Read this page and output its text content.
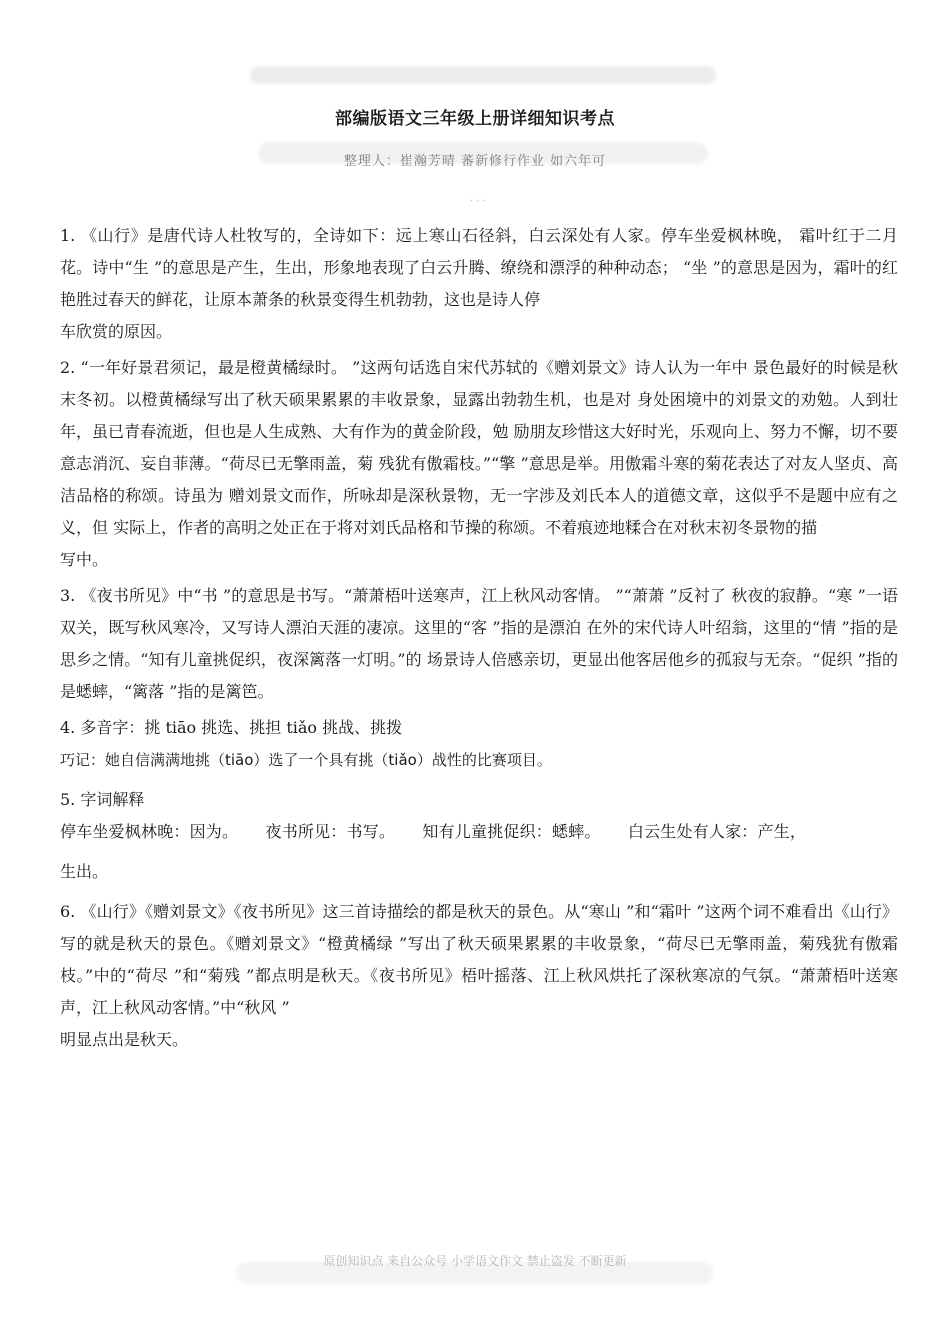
部编版语文三年级上册详细知识考点
整理人：崔瀚芳晴 蕃新修行作业 如六年可
· · ·

1. 《山行》是唐代诗人杜牧写的，全诗如下：远上寒山石径斜，白云深处有人家。停车坐爱枫林晚， 霜叶红于二月花。诗中“生 ”的意思是产生，生出，形象地表现了白云升腾、缭绕和漂浮的种种动态； “坐 ”的意思是因为，霜叶的红艳胜过春天的鲜花，让原本萧条的秋景变得生机勃勃，这也是诗人停

车欣赏的原因。

2. “一年好景君须记，最是橙黄橘绿时。 ”这两句话选自宋代苏轼的《赠刘景文》诗人认为一年中 景色最好的时候是秋末冬初。以橙黄橘绿写出了秋天硕果累累的丰收景象，显露出勃勃生机，也是对 身处困境中的刘景文的劝勉。人到壮年，虽已青春流逝，但也是人生成熟、大有作为的黄金阶段，勉 励朋友珍惜这大好时光，乐观向上、努力不懈，切不要意志消沉、妄自菲薄。“荷尽已无擎雨盖，菊 残犹有傲霜枝。”“擎 ”意思是举。用傲霜斗寒的菊花表达了对友人坚贞、高洁品格的称颂。诗虽为 赠刘景文而作，所咏却是深秋景物，无一字涉及刘氏本人的道德文章，这似乎不是题中应有之义，但 实际上，作者的高明之处正在于将对刘氏品格和节操的称颂。不着痕迹地糅合在对秋末初冬景物的描

写中。

3. 《夜书所见》中“书 ”的意思是书写。“萧萧梧叶送寒声，江上秋风动客情。 ”“萧萧 ”反衬了 秋夜的寂静。“寒 ”一语双关，既写秋风寒冷，又写诗人漂泊天涯的凄凉。这里的“客 ”指的是漂泊 在外的宋代诗人叶绍翁，这里的“情 ”指的是思乡之情。“知有儿童挑促织，夜深篱落一灯明。”的 场景诗人倍感亲切，更显出他客居他乡的孤寂与无奈。“促织 ”指的是蟋蟀，“篱落 ”指的是篱笆。

4. 多音字：挑 tiāo 挑选、挑担 tiǎo 挑战、挑拨

巧记：她自信满满地挑（tiāo）选了一个具有挑（tiǎo）战性的比赛项目。

5. 字词解释

停车坐爱枫林晚：因为。 夜书所见：书写。 知有儿童挑促织：蟋蟀。 白云生处有人家：产生，

生出。

6. 《山行》《赠刘景文》《夜书所见》这三首诗描绘的都是秋天的景色。从“寒山 ”和“霜叶 ”这两个词不难看出《山行》写的就是秋天的景色。《赠刘景文》“橙黄橘绿 ”写出了秋天硕果累累的丰收景象，“荷尽已无擎雨盖，菊残犹有傲霜枝。”中的“荷尽 ”和“菊残 ”都点明是秋天。《夜书所见》梧叶摇落、江上秋风烘托了深秋寒凉的气氛。“萧萧梧叶送寒声，江上秋风动客情。”中“秋风 ”

明显点出是秋天。

原创知识点 来自公众号 小学语文作文 禁止盗发 不断更新
